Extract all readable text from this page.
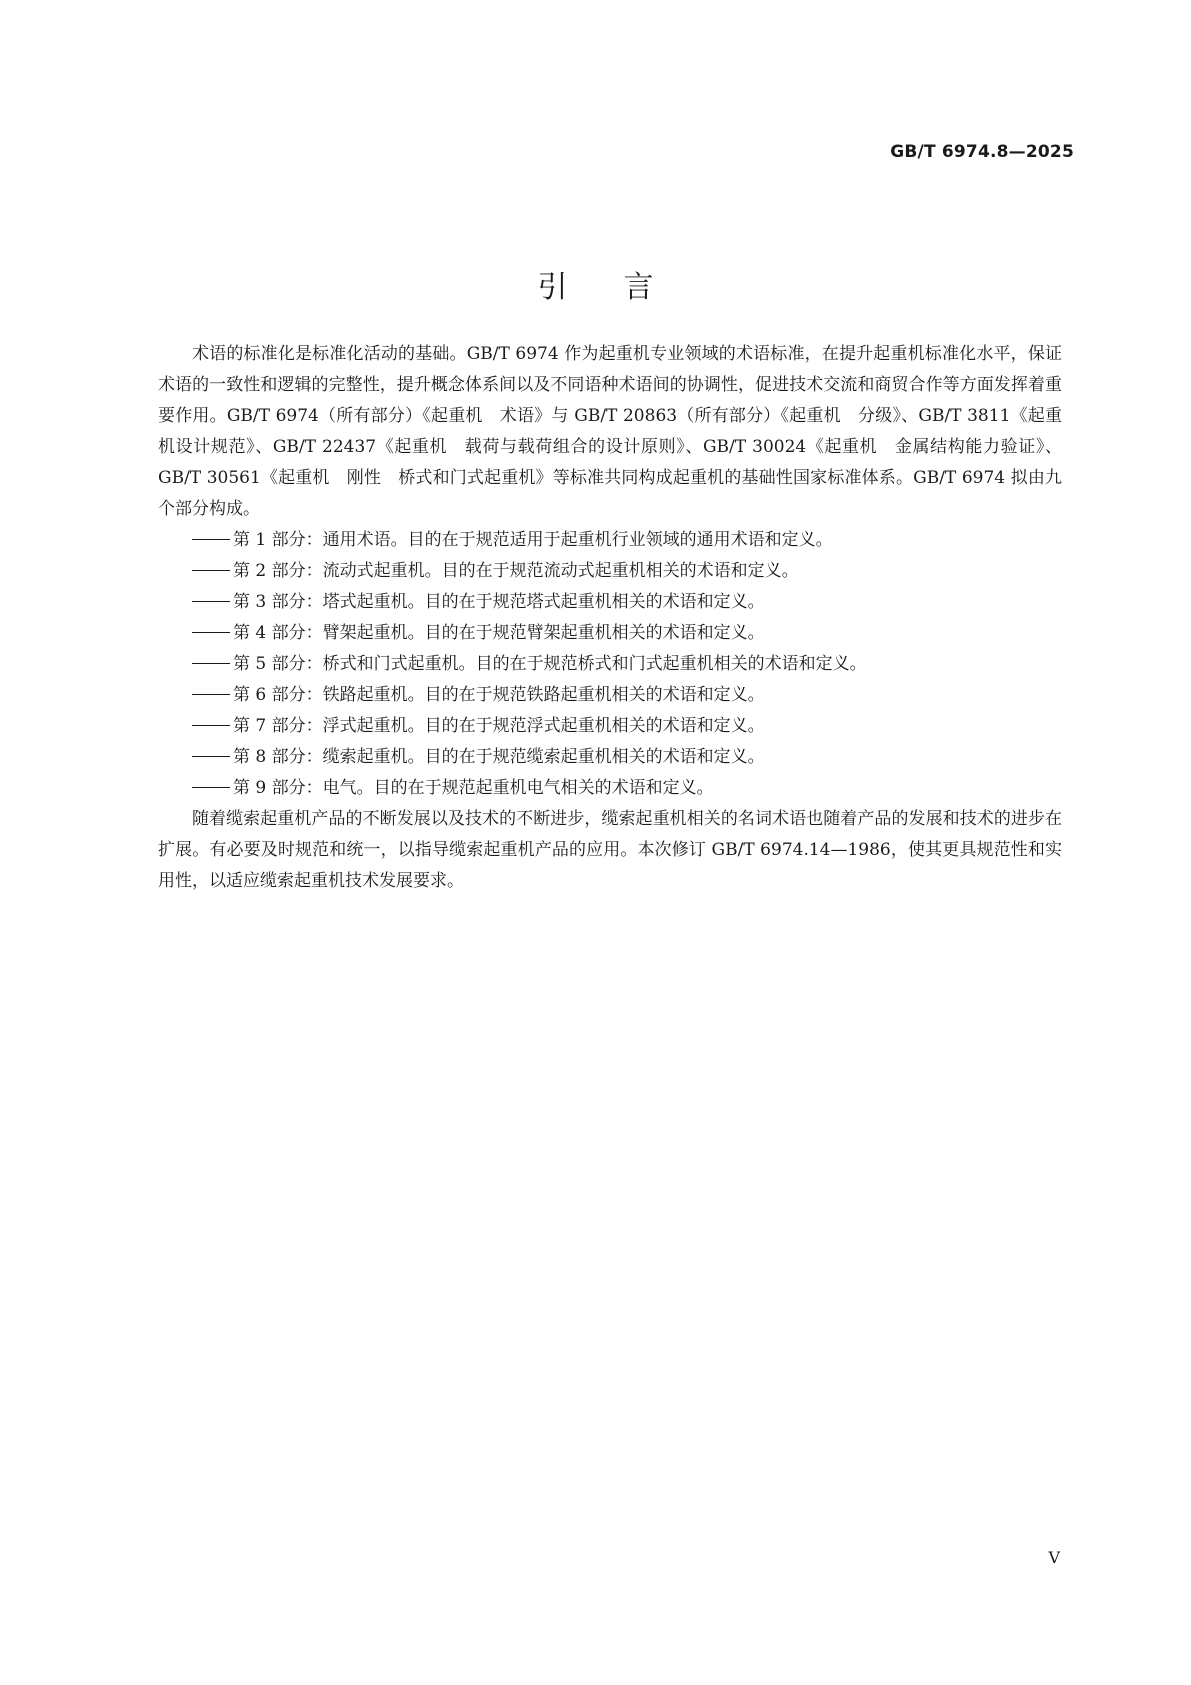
GB/T 6974.8—2025
引 言

术语的标准化是标准化活动的基础。GB/T 6974 作为起重机专业领域的术语标准，在提升起重机标准化水平，保证术语的一致性和逻辑的完整性，提升概念体系间以及不同语种术语间的协调性，促进技术交流和商贸合作等方面发挥着重要作用。GB/T 6974（所有部分）《起重机　术语》与 GB/T 20863（所有部分）《起重机　分级》、GB/T 3811《起重机设计规范》、GB/T 22437《起重机　载荷与载荷组合的设计原则》、GB/T 30024《起重机　金属结构能力验证》、GB/T 30561《起重机　刚性　桥式和门式起重机》等标准共同构成起重机的基础性国家标准体系。GB/T 6974 拟由九个部分构成。

第 1 部分：通用术语。目的在于规范适用于起重机行业领域的通用术语和定义。
第 2 部分：流动式起重机。目的在于规范流动式起重机相关的术语和定义。
第 3 部分：塔式起重机。目的在于规范塔式起重机相关的术语和定义。
第 4 部分：臂架起重机。目的在于规范臂架起重机相关的术语和定义。
第 5 部分：桥式和门式起重机。目的在于规范桥式和门式起重机相关的术语和定义。
第 6 部分：铁路起重机。目的在于规范铁路起重机相关的术语和定义。
第 7 部分：浮式起重机。目的在于规范浮式起重机相关的术语和定义。
第 8 部分：缆索起重机。目的在于规范缆索起重机相关的术语和定义。
第 9 部分：电气。目的在于规范起重机电气相关的术语和定义。

随着缆索起重机产品的不断发展以及技术的不断进步，缆索起重机相关的名词术语也随着产品的发展和技术的进步在扩展。有必要及时规范和统一，以指导缆索起重机产品的应用。本次修订 GB/T 6974.14—1986，使其更具规范性和实用性，以适应缆索起重机技术发展要求。

V
